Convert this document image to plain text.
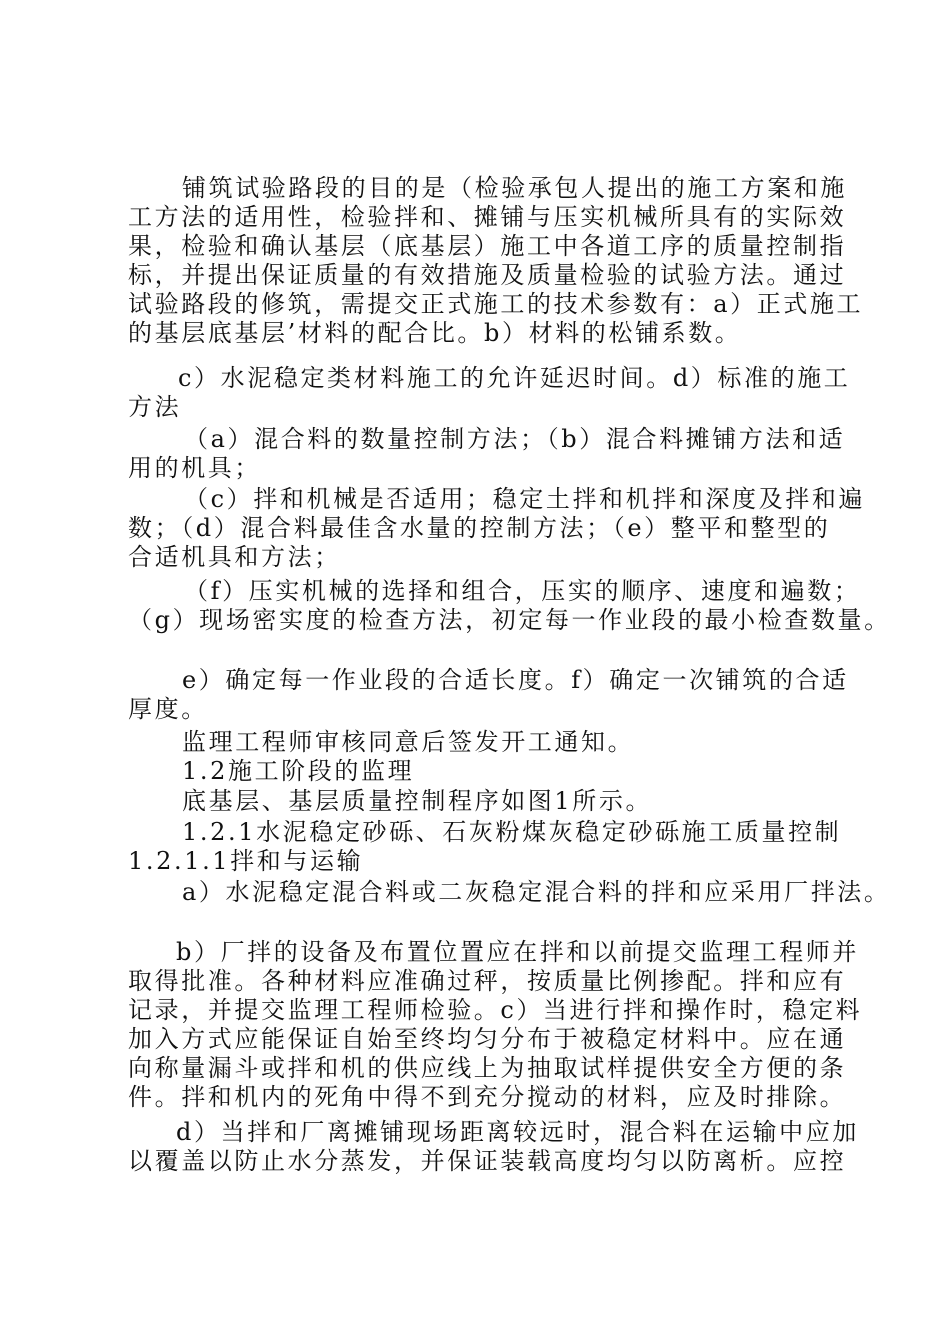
铺筑试验路段的目的是（检验承包人提出的施工方案和施
工方法的适用性，检验拌和、摊铺与压实机械所具有的实际效
果，检验和确认基层（底基层）施工中各道工序的质量控制指
标，并提出保证质量的有效措施及质量检验的试验方法。通过
试验路段的修筑，需提交正式施工的技术参数有：a）正式施工
的基层底基层’材料的配合比。b）材料的松铺系数。
c）水泥稳定类材料施工的允许延迟时间。d）标准的施工
方法
（a）混合料的数量控制方法；（b）混合料摊铺方法和适
用的机具；
（c）拌和机械是否适用；稳定土拌和机拌和深度及拌和遍
数；（d）混合料最佳含水量的控制方法；（e）整平和整型的
合适机具和方法；
（f）压实机械的选择和组合，压实的顺序、速度和遍数；
（g）现场密实度的检查方法，初定每一作业段的最小检查数量。
e）确定每一作业段的合适长度。f）确定一次铺筑的合适
厚度。
监理工程师审核同意后签发开工通知。
1.2施工阶段的监理
底基层、基层质量控制程序如图1所示。
1.2.1水泥稳定砂砾、石灰粉煤灰稳定砂砾施工质量控制
1.2.1.1拌和与运输
a）水泥稳定混合料或二灰稳定混合料的拌和应采用厂拌法。
b）厂拌的设备及布置位置应在拌和以前提交监理工程师并
取得批准。各种材料应准确过秤，按质量比例掺配。拌和应有
记录，并提交监理工程师检验。c）当进行拌和操作时，稳定料
加入方式应能保证自始至终均匀分布于被稳定材料中。应在通
向称量漏斗或拌和机的供应线上为抽取试样提供安全方便的条
件。拌和机内的死角中得不到充分搅动的材料，应及时排除。
d）当拌和厂离摊铺现场距离较远时，混合料在运输中应加
以覆盖以防止水分蒸发，并保证装载高度均匀以防离析。应控
